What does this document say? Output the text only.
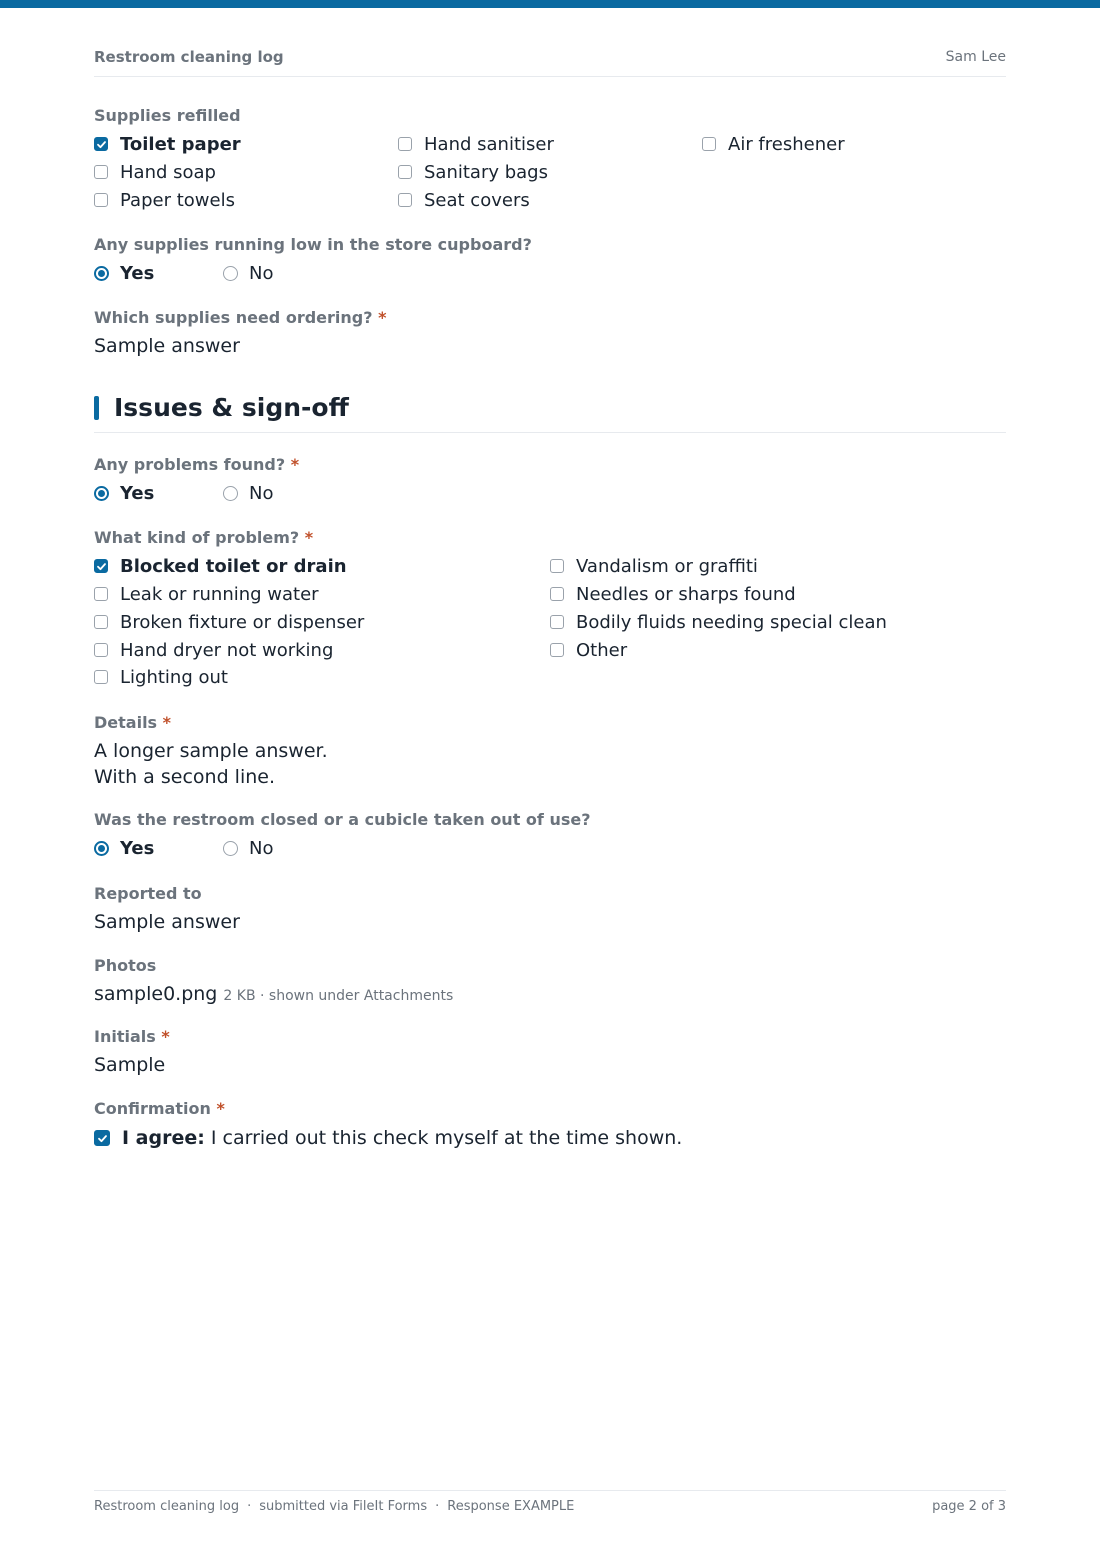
Restroom cleaning log	Sam Lee
Supplies refilled
Toilet paper
Hand soap
Paper towels
Hand sanitiser
Sanitary bags
Seat covers
Air freshener
Any supplies running low in the store cupboard?
Yes	No
Which supplies need ordering? *
Sample answer
Issues & sign-off
Any problems found? *
Yes	No
What kind of problem? *
Blocked toilet or drain
Leak or running water
Broken fixture or dispenser
Hand dryer not working
Lighting out
Vandalism or graffiti
Needles or sharps found
Bodily fluids needing special clean
Other
Details *
A longer sample answer.
With a second line.
Was the restroom closed or a cubicle taken out of use?
Yes	No
Reported to
Sample answer
Photos
sample0.png 2 KB · shown under Attachments
Initials *
Sample
Confirmation *
I agree: I carried out this check myself at the time shown.
Restroom cleaning log · submitted via FileIt Forms · Response EXAMPLE	page 2 of 3
